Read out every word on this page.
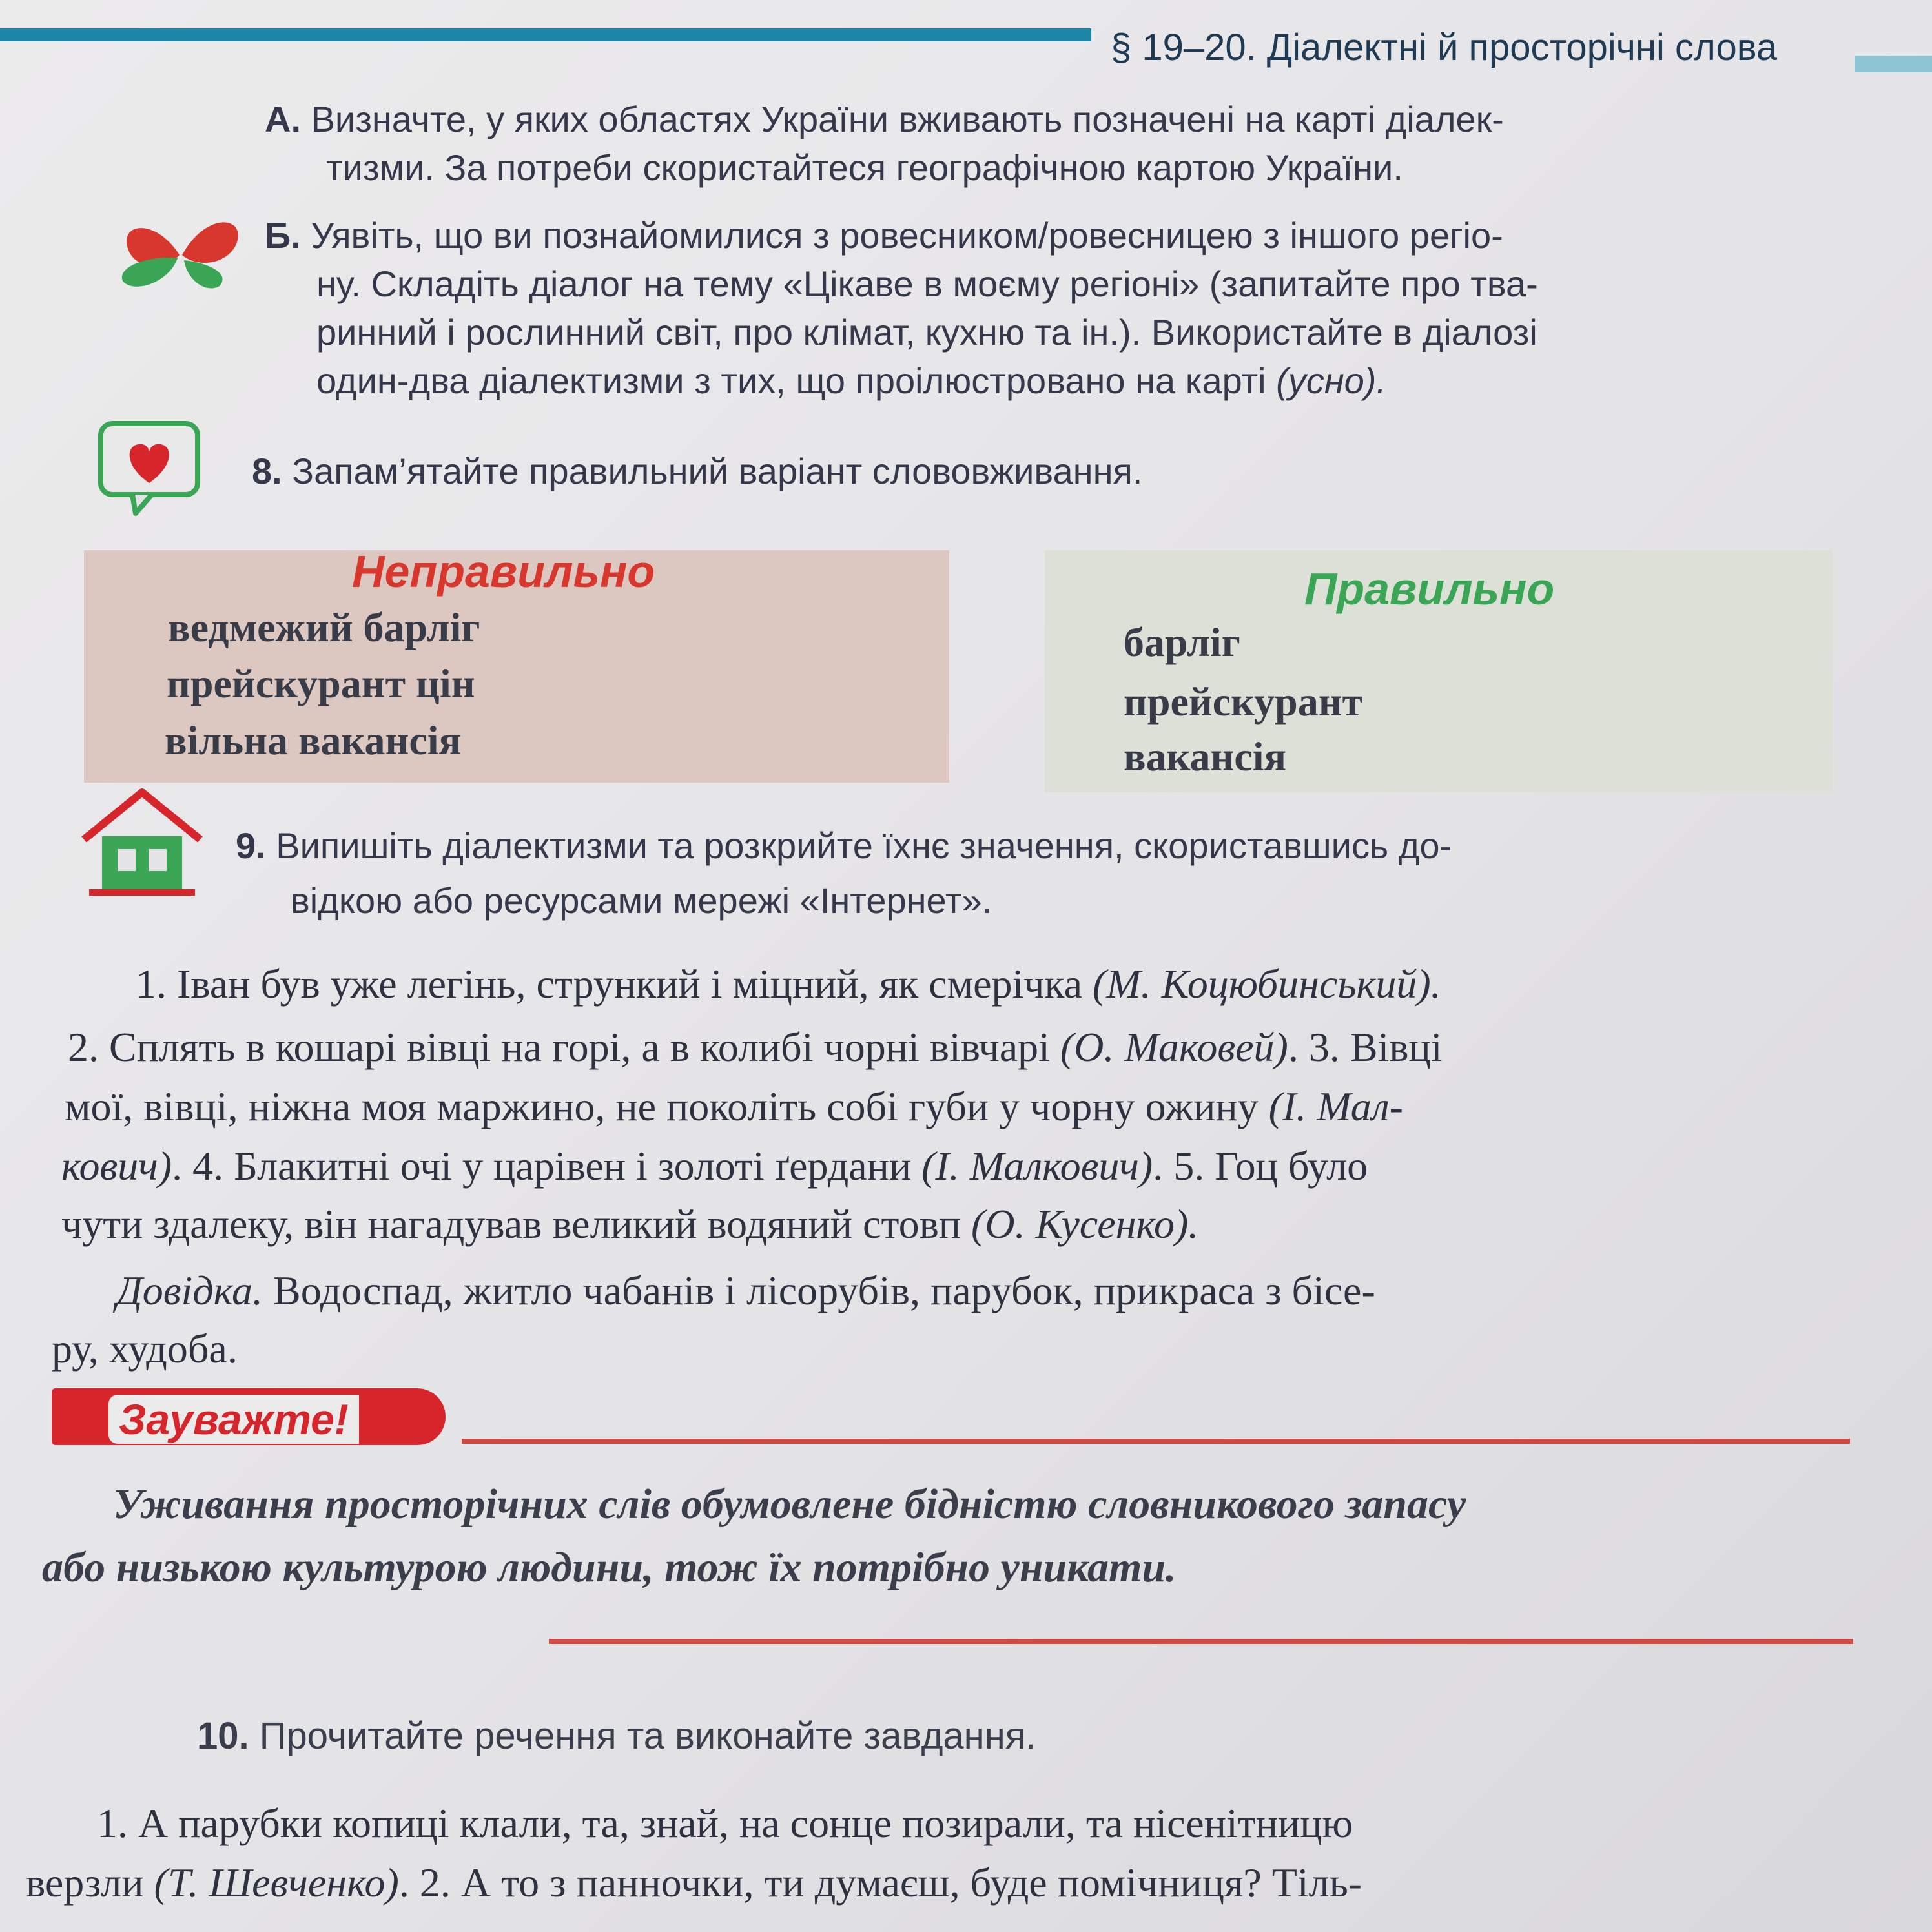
§ 19–20. Діалектні й просторічні слова
А. Визначте, у яких областях України вживають позначені на карті діалек-
тизми. За потреби скористайтеся географічною картою України.
Б. Уявіть, що ви познайомилися з ровесником/ровесницею з іншого регіо-
ну. Складіть діалог на тему «Цікаве в моєму регіоні» (запитайте про тва-
ринний і рослинний світ, про клімат, кухню та ін.). Використайте в діалозі
один-два діалектизми з тих, що проілюстровано на карті (усно).
8. Запам’ятайте правильний варіант слововживання.
Неправильно
ведмежий барліг
прейскурант цін
вільна вакансія
Правильно
барліг
прейскурант
вакансія
9. Випишіть діалектизми та розкрийте їхнє значення, скориставшись до-
відкою або ресурсами мережі «Інтернет».
1. Іван був уже легінь, стрункий і міцний, як смерічка (М. Коцюбинський).
2. Сплять в кошарі вівці на горі, а в колибі чорні вівчарі (О. Маковей). 3. Вівці
мої, вівці, ніжна моя маржино, не поколіть собі губи у чорну ожину (І. Мал-
кович). 4. Блакитні очі у царівен і золоті ґердани (І. Малкович). 5. Гоц було
чути здалеку, він нагадував великий водяний стовп (О. Кусенко).
Довідка. Водоспад, житло чабанів і лісорубів, парубок, прикраса з бісе-
ру, худоба.
Зауважте!
Уживання просторічних слів обумовлене бідністю словникового запасу
або низькою культурою людини, тож їх потрібно уникати.
10. Прочитайте речення та виконайте завдання.
1. А парубки копиці клали, та, знай, на сонце позирали, та нісенітницю
верзли (Т. Шевченко). 2. А то з панночки, ти думаєш, буде помічниця? Тіль-
